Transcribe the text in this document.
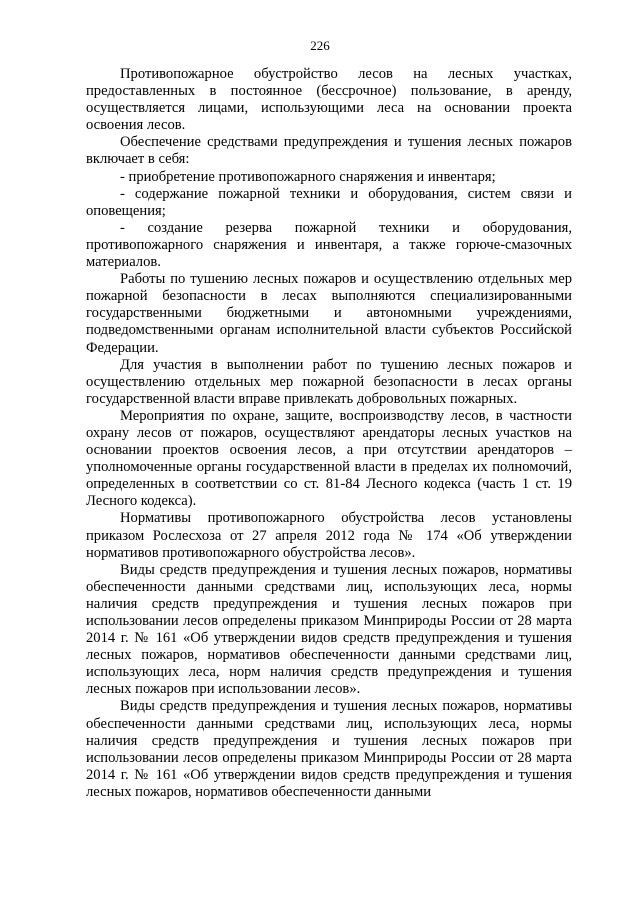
226

Противопожарное обустройство лесов на лесных участках, предоставленных в постоянное (бессрочное) пользование, в аренду, осуществляется лицами, использующими леса на основании проекта освоения лесов.

Обеспечение средствами предупреждения и тушения лесных пожаров включает в себя:

- приобретение противопожарного снаряжения и инвентаря;

- содержание пожарной техники и оборудования, систем связи и оповещения;

- создание резерва пожарной техники и оборудования, противопожарного снаряжения и инвентаря, а также горюче-смазочных материалов.

Работы по тушению лесных пожаров и осуществлению отдельных мер пожарной безопасности в лесах выполняются специализированными государственными бюджетными и автономными учреждениями, подведомственными органам исполнительной власти субъектов Российской Федерации.

Для участия в выполнении работ по тушению лесных пожаров и осуществлению отдельных мер пожарной безопасности в лесах органы государственной власти вправе привлекать добровольных пожарных.

Мероприятия по охране, защите, воспроизводству лесов, в частности охрану лесов от пожаров, осуществляют арендаторы лесных участков на основании проектов освоения лесов, а при отсутствии арендаторов – уполномоченные органы государственной власти в пределах их полномочий, определенных в соответствии со ст. 81-84 Лесного кодекса (часть 1 ст. 19 Лесного кодекса).

Нормативы противопожарного обустройства лесов установлены приказом Рослесхоза от 27 апреля 2012 года № 174 «Об утверждении нормативов противопожарного обустройства лесов».

Виды средств предупреждения и тушения лесных пожаров, нормативы обеспеченности данными средствами лиц, использующих леса, нормы наличия средств предупреждения и тушения лесных пожаров при использовании лесов определены приказом Минприроды России от 28 марта 2014 г. № 161 «Об утверждении видов средств предупреждения и тушения лесных пожаров, нормативов обеспеченности данными средствами лиц, использующих леса, норм наличия средств предупреждения и тушения лесных пожаров при использовании лесов».

Виды средств предупреждения и тушения лесных пожаров, нормативы обеспеченности данными средствами лиц, использующих леса, нормы наличия средств предупреждения и тушения лесных пожаров при использовании лесов определены приказом Минприроды России от 28 марта 2014 г. № 161 «Об утверждении видов средств предупреждения и тушения лесных пожаров, нормативов обеспеченности данными
